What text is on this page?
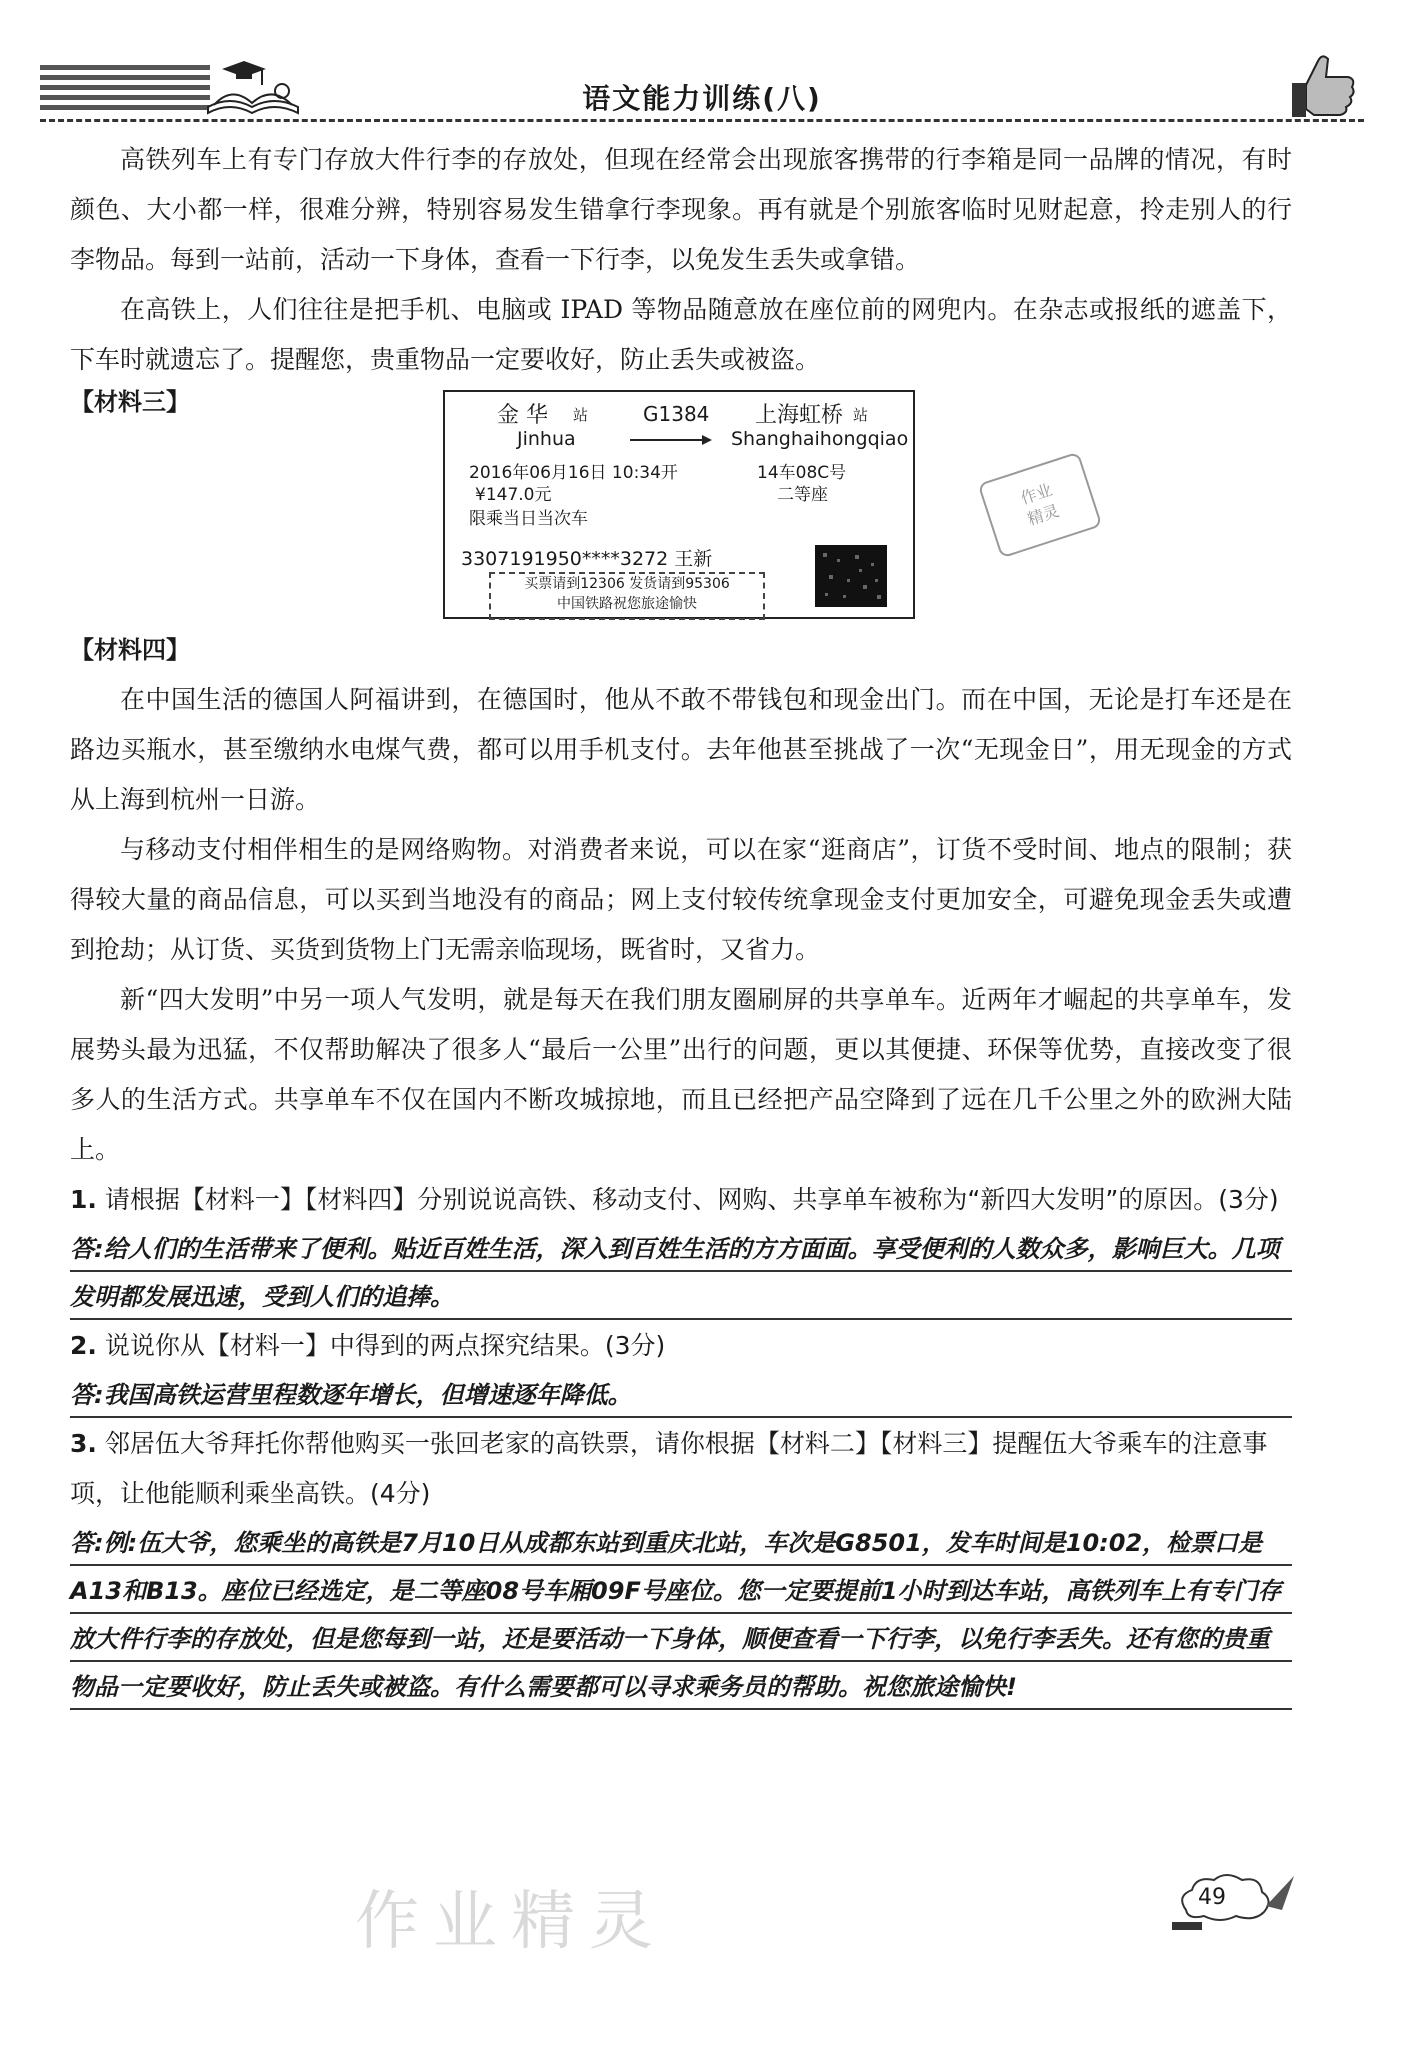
语文能力训练(八)

高铁列车上有专门存放大件行李的存放处，但现在经常会出现旅客携带的行李箱是同一品牌的情况，有时颜色、大小都一样，很难分辨，特别容易发生错拿行李现象。再有就是个别旅客临时见财起意，拎走别人的行李物品。每到一站前，活动一下身体，查看一下行李，以免发生丢失或拿错。

在高铁上，人们往往是把手机、电脑或 IPAD 等物品随意放在座位前的网兜内。在杂志或报纸的遮盖下，下车时就遗忘了。提醒您，贵重物品一定要收好，防止丢失或被盗。

【材料三】	金 华 站
Jinhua
G1384 上海虹桥 站
Shanghaihongqiao
2016年06月16日 10:34开	14车08C号
¥147.0元	二等座
限乘当日当次车
3307191950****3272 王新
买票请到12306 发货请到95306
中国铁路祝您旅途愉快
作业
精灵

【材料四】

在中国生活的德国人阿福讲到，在德国时，他从不敢不带钱包和现金出门。而在中国，无论是打车还是在路边买瓶水，甚至缴纳水电煤气费，都可以用手机支付。去年他甚至挑战了一次“无现金日”，用无现金的方式从上海到杭州一日游。

与移动支付相伴相生的是网络购物。对消费者来说，可以在家“逛商店”，订货不受时间、地点的限制；获得较大量的商品信息，可以买到当地没有的商品；网上支付较传统拿现金支付更加安全，可避免现金丢失或遭到抢劫；从订货、买货到货物上门无需亲临现场，既省时，又省力。

新“四大发明”中另一项人气发明，就是每天在我们朋友圈刷屏的共享单车。近两年才崛起的共享单车，发展势头最为迅猛，不仅帮助解决了很多人“最后一公里”出行的问题，更以其便捷、环保等优势，直接改变了很多人的生活方式。共享单车不仅在国内不断攻城掠地，而且已经把产品空降到了远在几千公里之外的欧洲大陆上。

1. 请根据【材料一】【材料四】分别说说高铁、移动支付、网购、共享单车被称为“新四大发明”的原因。(3分)

答:给人们的生活带来了便利。贴近百姓生活，深入到百姓生活的方方面面。享受便利的人数众多，影响巨大。几项发明都发展迅速，受到人们的追捧。

2. 说说你从【材料一】中得到的两点探究结果。(3分)

答:我国高铁运营里程数逐年增长，但增速逐年降低。

3. 邻居伍大爷拜托你帮他购买一张回老家的高铁票，请你根据【材料二】【材料三】提醒伍大爷乘车的注意事项，让他能顺利乘坐高铁。(4分)

答:例:伍大爷，您乘坐的高铁是7月10日从成都东站到重庆北站，车次是G8501，发车时间是10:02，检票口是A13和B13。座位已经选定，是二等座08号车厢09F号座位。您一定要提前1小时到达车站，高铁列车上有专门存放大件行李的存放处，但是您每到一站，还是要活动一下身体，顺便查看一下行李，以免行李丢失。还有您的贵重物品一定要收好，防止丢失或被盗。有什么需要都可以寻求乘务员的帮助。祝您旅途愉快!

作业精灵	49
